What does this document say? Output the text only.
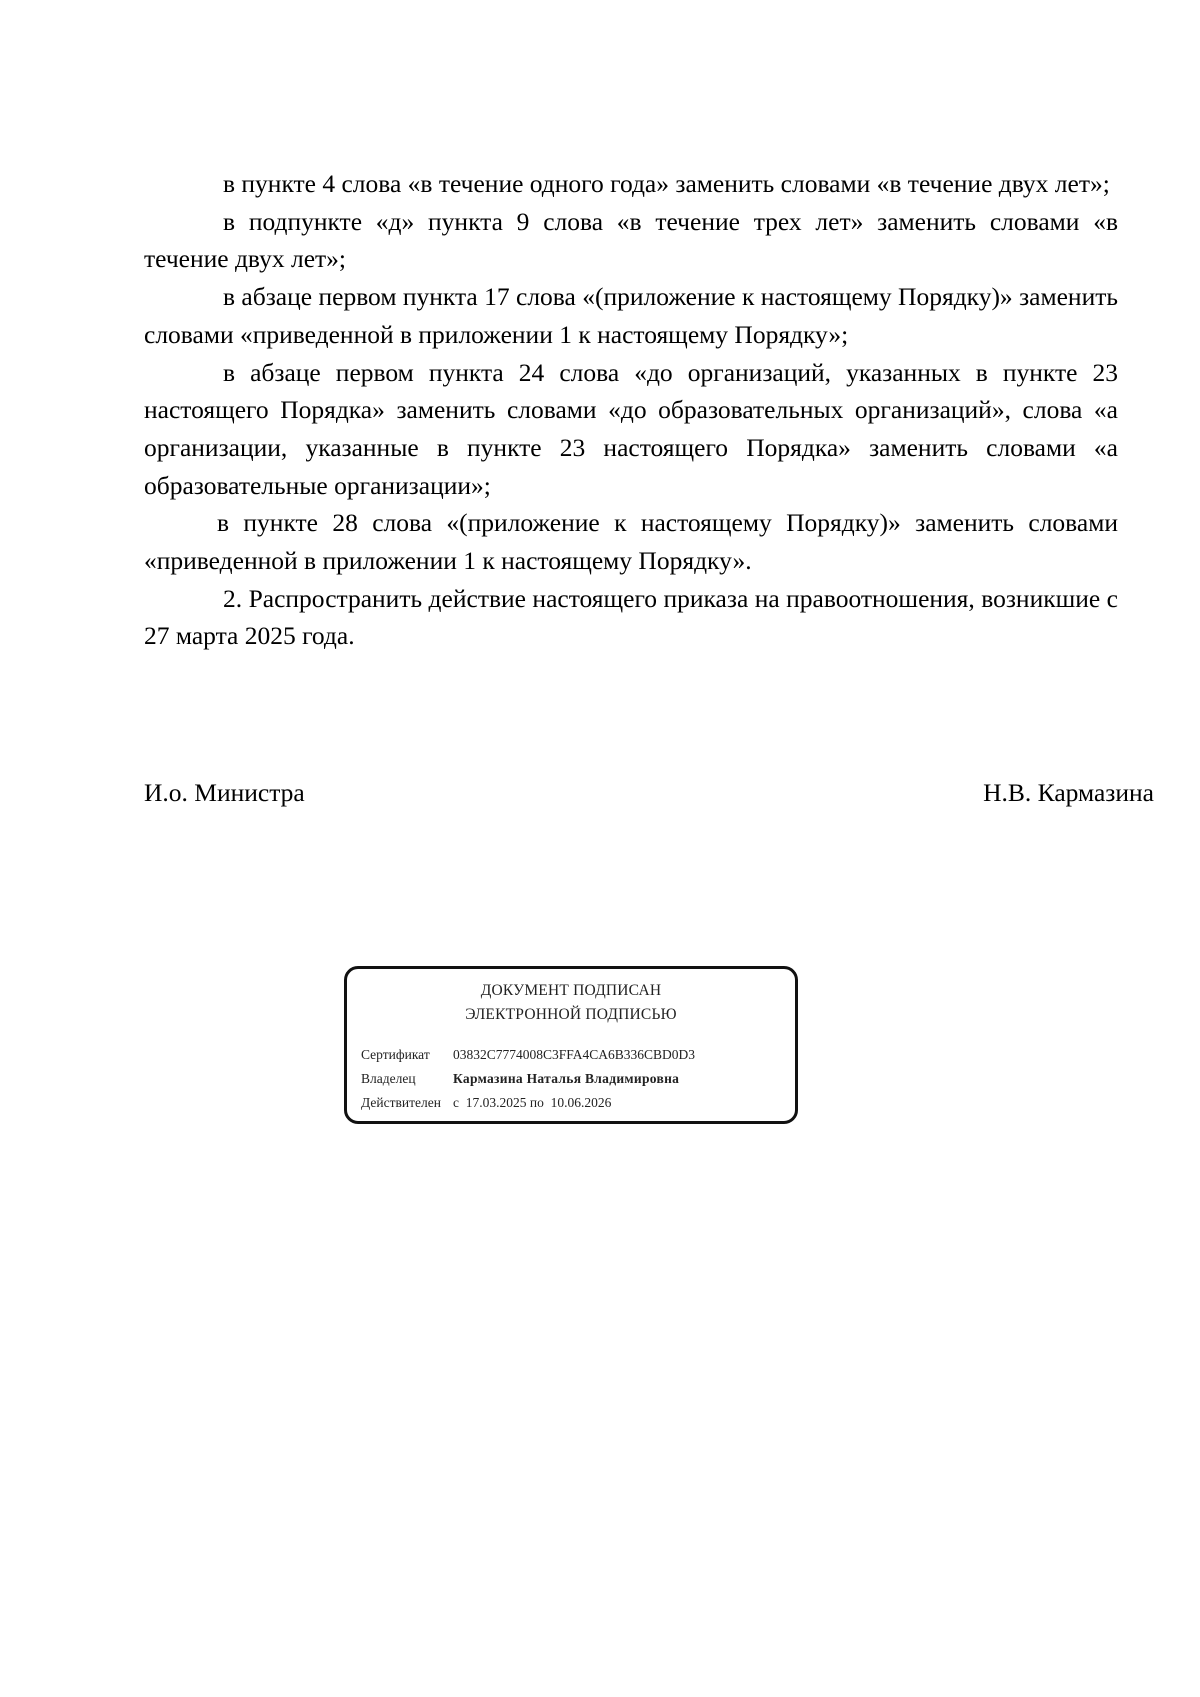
в пункте 4 слова «в течение одного года» заменить словами «в течение двух лет»;

в подпункте «д» пункта 9 слова «в течение трех лет» заменить словами «в течение двух лет»;

в абзаце первом пункта 17 слова «(приложение к настоящему Порядку)» заменить словами «приведенной в приложении 1 к настоящему Порядку»;

в абзаце первом пункта 24 слова «до организаций, указанных в пункте 23 настоящего Порядка» заменить словами «до образовательных организаций», слова «а организации, указанные в пункте 23 настоящего Порядка» заменить словами «а образовательные организации»;

в пункте 28 слова «(приложение к настоящему Порядку)» заменить словами «приведенной в приложении 1 к настоящему Порядку».

2. Распространить действие настоящего приказа на правоотношения, возникшие с 27 марта 2025 года.

И.о. Министра	Н.В. Кармазина
ДОКУМЕНТ ПОДПИСАН
ЭЛЕКТРОННОЙ ПОДПИСЬЮ
Сертификат 03832C7774008C3FFA4CA6B336CBD0D3
Владелец	Кармазина Наталья Владимировна
Действителен с 17.03.2025 по 10.06.2026
